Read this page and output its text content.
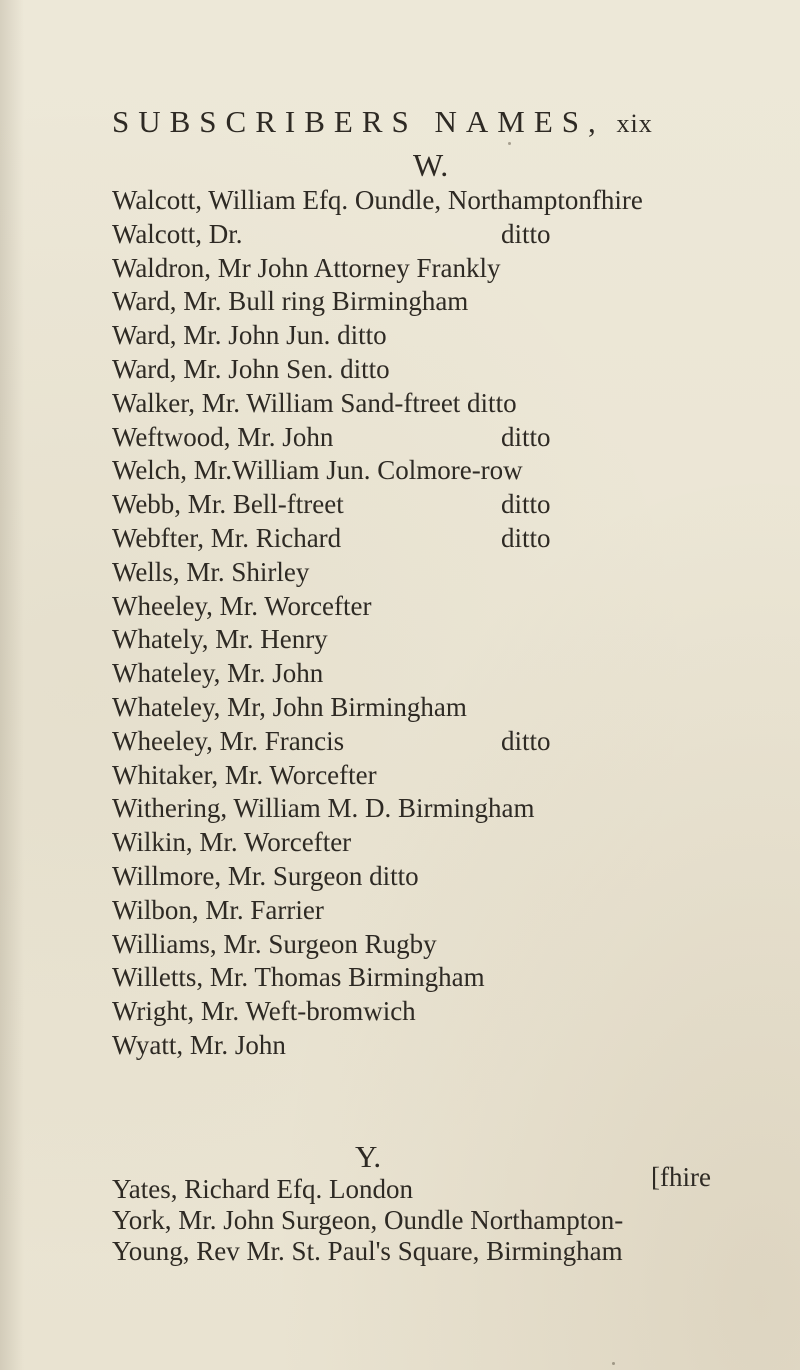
SUBSCRIBERS NAMES, xix
W.
Walcott, William Efq. Oundle, Northamptonfhire
Walcott, Dr.	ditto
Waldron, Mr John Attorney Frankly
Ward, Mr. Bull ring Birmingham
Ward, Mr. John Jun. ditto
Ward, Mr. John Sen. ditto
Walker, Mr. William Sand-ftreet ditto
Weftwood, Mr. John	ditto
Welch, Mr.William Jun. Colmore-row
Webb, Mr. Bell-ftreet	ditto
Webfter, Mr. Richard	ditto
Wells, Mr. Shirley
Wheeley, Mr. Worcefter
Whately, Mr. Henry
Whateley, Mr. John
Whateley, Mr, John Birmingham
Wheeley, Mr. Francis	ditto
Whitaker, Mr. Worcefter
Withering, William M. D. Birmingham
Wilkin, Mr. Worcefter
Willmore, Mr. Surgeon ditto
Wilbon, Mr. Farrier
Williams, Mr. Surgeon Rugby
Willetts, Mr. Thomas Birmingham
Wright, Mr. Weft-bromwich
Wyatt, Mr. John
Y.
Yates, Richard Efq. London	[fhire
York, Mr. John Surgeon, Oundle Northampton-
Young, Rev Mr. St. Paul's Square, Birmingham
